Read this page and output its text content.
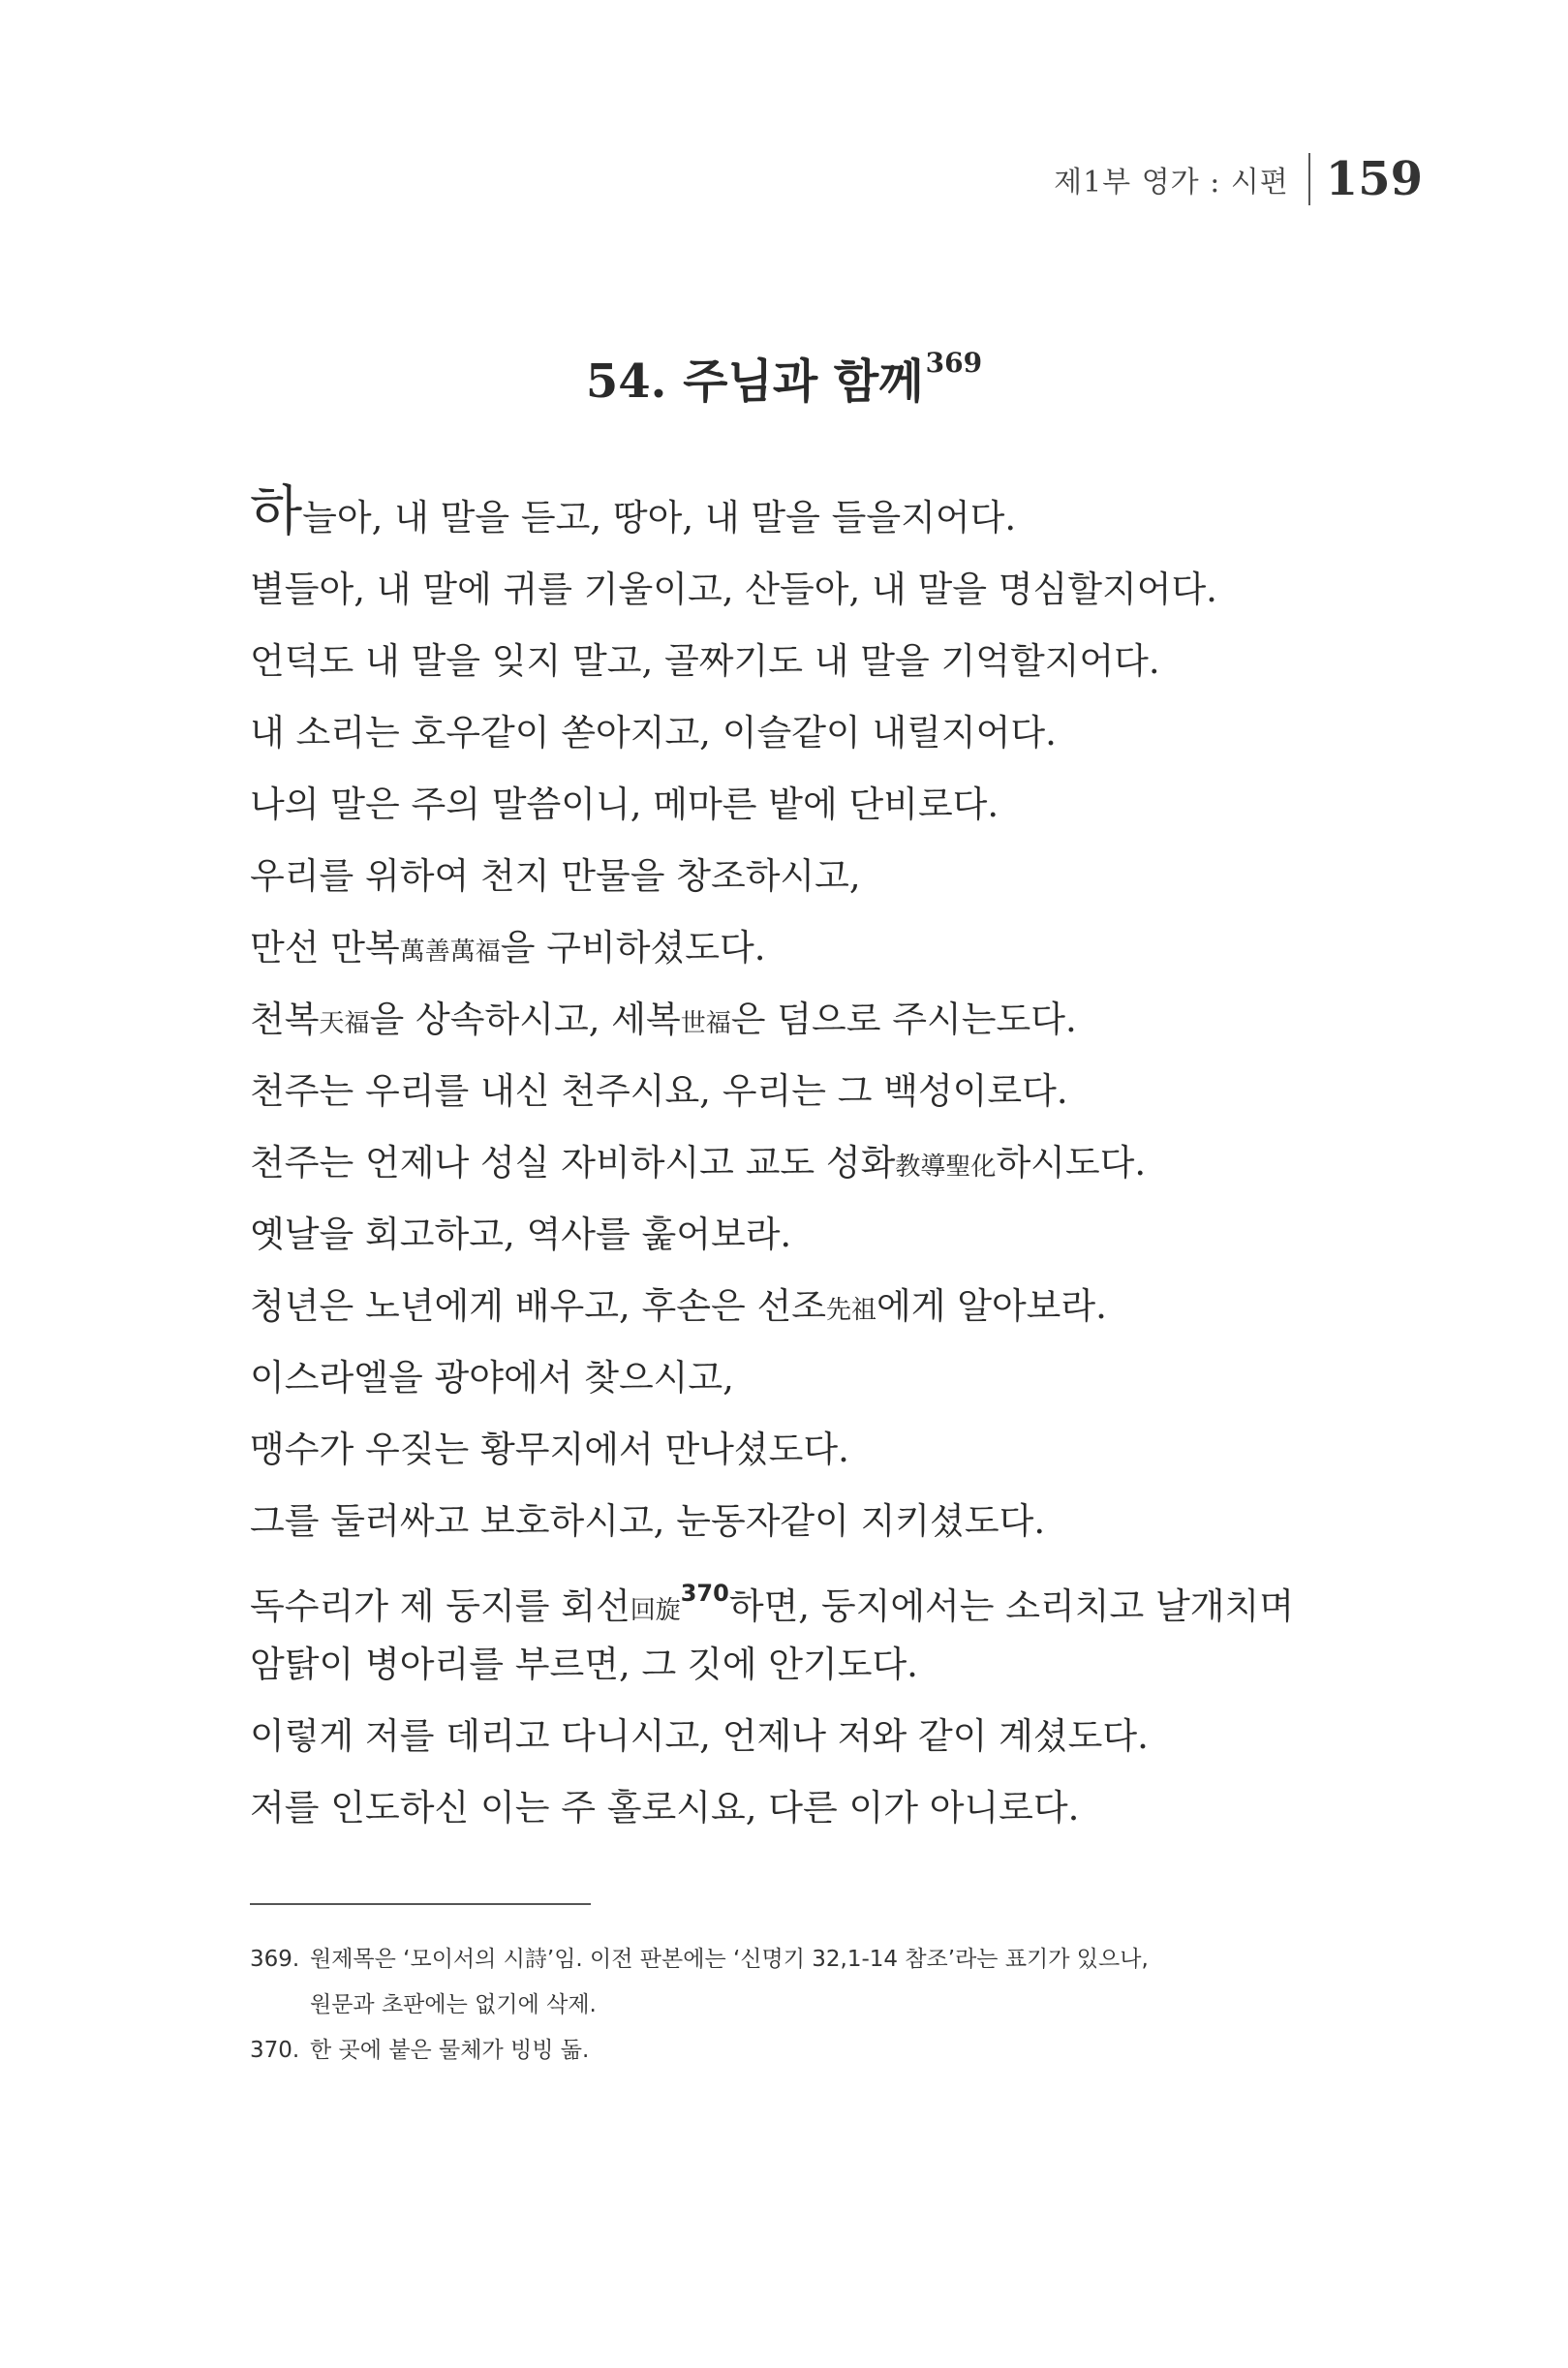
제1부 영가 : 시편 159
54. 주님과 함께$^{369}$
하늘아, 내 말을 듣고, 땅아, 내 말을 들을지어다.
별들아, 내 말에 귀를 기울이고, 산들아, 내 말을 명심할지어다.
언덕도 내 말을 잊지 말고, 골짜기도 내 말을 기억할지어다.
내 소리는 호우같이 쏟아지고, 이슬같이 내릴지어다.
나의 말은 주의 말씀이니, 메마른 밭에 단비로다.
우리를 위하여 천지 만물을 창조하시고,
만선 만복萬善萬福을 구비하셨도다.
천복天福을 상속하시고, 세복世福은 덤으로 주시는도다.
천주는 우리를 내신 천주시요, 우리는 그 백성이로다.
천주는 언제나 성실 자비하시고 교도 성화教導聖化하시도다.
옛날을 회고하고, 역사를 훑어보라.
청년은 노년에게 배우고, 후손은 선조先祖에게 알아보라.
이스라엘을 광야에서 찾으시고,
맹수가 우짖는 황무지에서 만나셨도다.
그를 둘러싸고 보호하시고, 눈동자같이 지키셨도다.
독수리가 제 둥지를 회선回旋$^{370}$하면, 둥지에서는 소리치고 날개치며
암탉이 병아리를 부르면, 그 깃에 안기도다.
이렇게 저를 데리고 다니시고, 언제나 저와 같이 계셨도다.
저를 인도하신 이는 주 홀로시요, 다른 이가 아니로다.
369. 원제목은 ‘모이서의 시詩’임. 이전 판본에는 ‘신명기 32,1-14 참조’라는 표기가 있으나,
원문과 초판에는 없기에 삭제.
370. 한 곳에 붙은 물체가 빙빙 돎.
